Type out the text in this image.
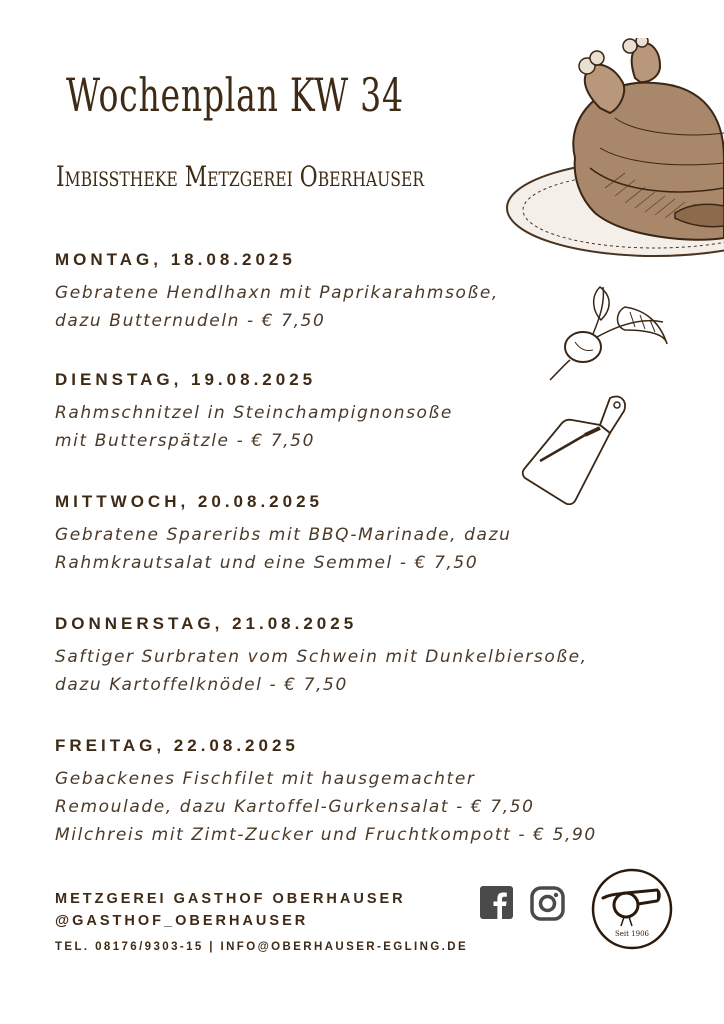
Wochenplan KW 34
Imbisstheke Metzgerei Oberhauser
MONTAG, 18.08.2025
Gebratene Hendlhaxn mit Paprikarahmsoße,
dazu Butternudeln - € 7,50
DIENSTAG, 19.08.2025
Rahmschnitzel in Steinchampignonsoße
mit Butterspätzle - € 7,50
MITTWOCH, 20.08.2025
Gebratene Spareribs mit BBQ-Marinade, dazu
Rahmkrautsalat und eine Semmel - € 7,50
DONNERSTAG, 21.08.2025
Saftiger Surbraten vom Schwein mit Dunkelbiersoße,
dazu Kartoffelknödel - € 7,50
FREITAG, 22.08.2025
Gebackenes Fischfilet mit hausgemachter
Remoulade, dazu Kartoffel-Gurkensalat - € 7,50
Milchreis mit Zimt-Zucker und Fruchtkompott - € 5,90
METZGEREI GASTHOF OBERHAUSER
@GASTHOF_OBERHAUSER
TEL. 08176/9303-15 | INFO@OBERHAUSER-EGLING.DE
Seit 1906
